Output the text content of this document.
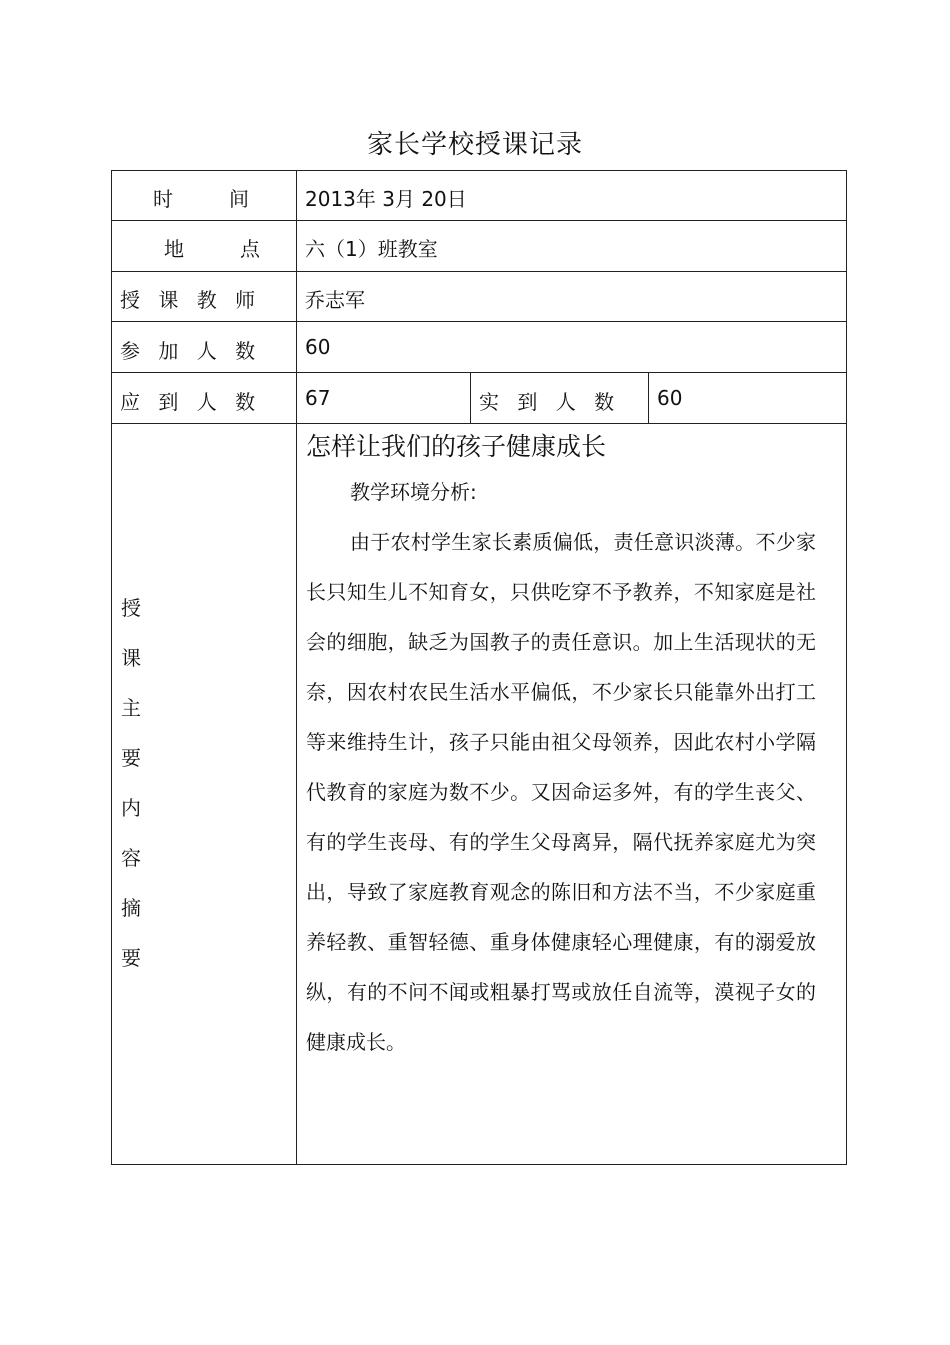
家长学校授课记录
时　间 2013年 3月 20日
地　点 六（1）班教室
授 课 教 师 乔志军
参 加 人 数 60
应 到 人 数 67	实 到 人 数 60
授
课
主
要
内
容
摘
要

怎样让我们的孩子健康成长

教学环境分析:

由于农村学生家长素质偏低，责任意识淡薄。不少家长只知生儿不知育女，只供吃穿不予教养，不知家庭是社会的细胞，缺乏为国教子的责任意识。加上生活现状的无奈，因农村农民生活水平偏低，不少家长只能靠外出打工等来维持生计，孩子只能由祖父母领养，因此农村小学隔代教育的家庭为数不少。又因命运多舛，有的学生丧父、有的学生丧母、有的学生父母离异，隔代抚养家庭尤为突出，导致了家庭教育观念的陈旧和方法不当，不少家庭重养轻教、重智轻德、重身体健康轻心理健康，有的溺爱放纵，有的不问不闻或粗暴打骂或放任自流等，漠视子女的健康成长。
